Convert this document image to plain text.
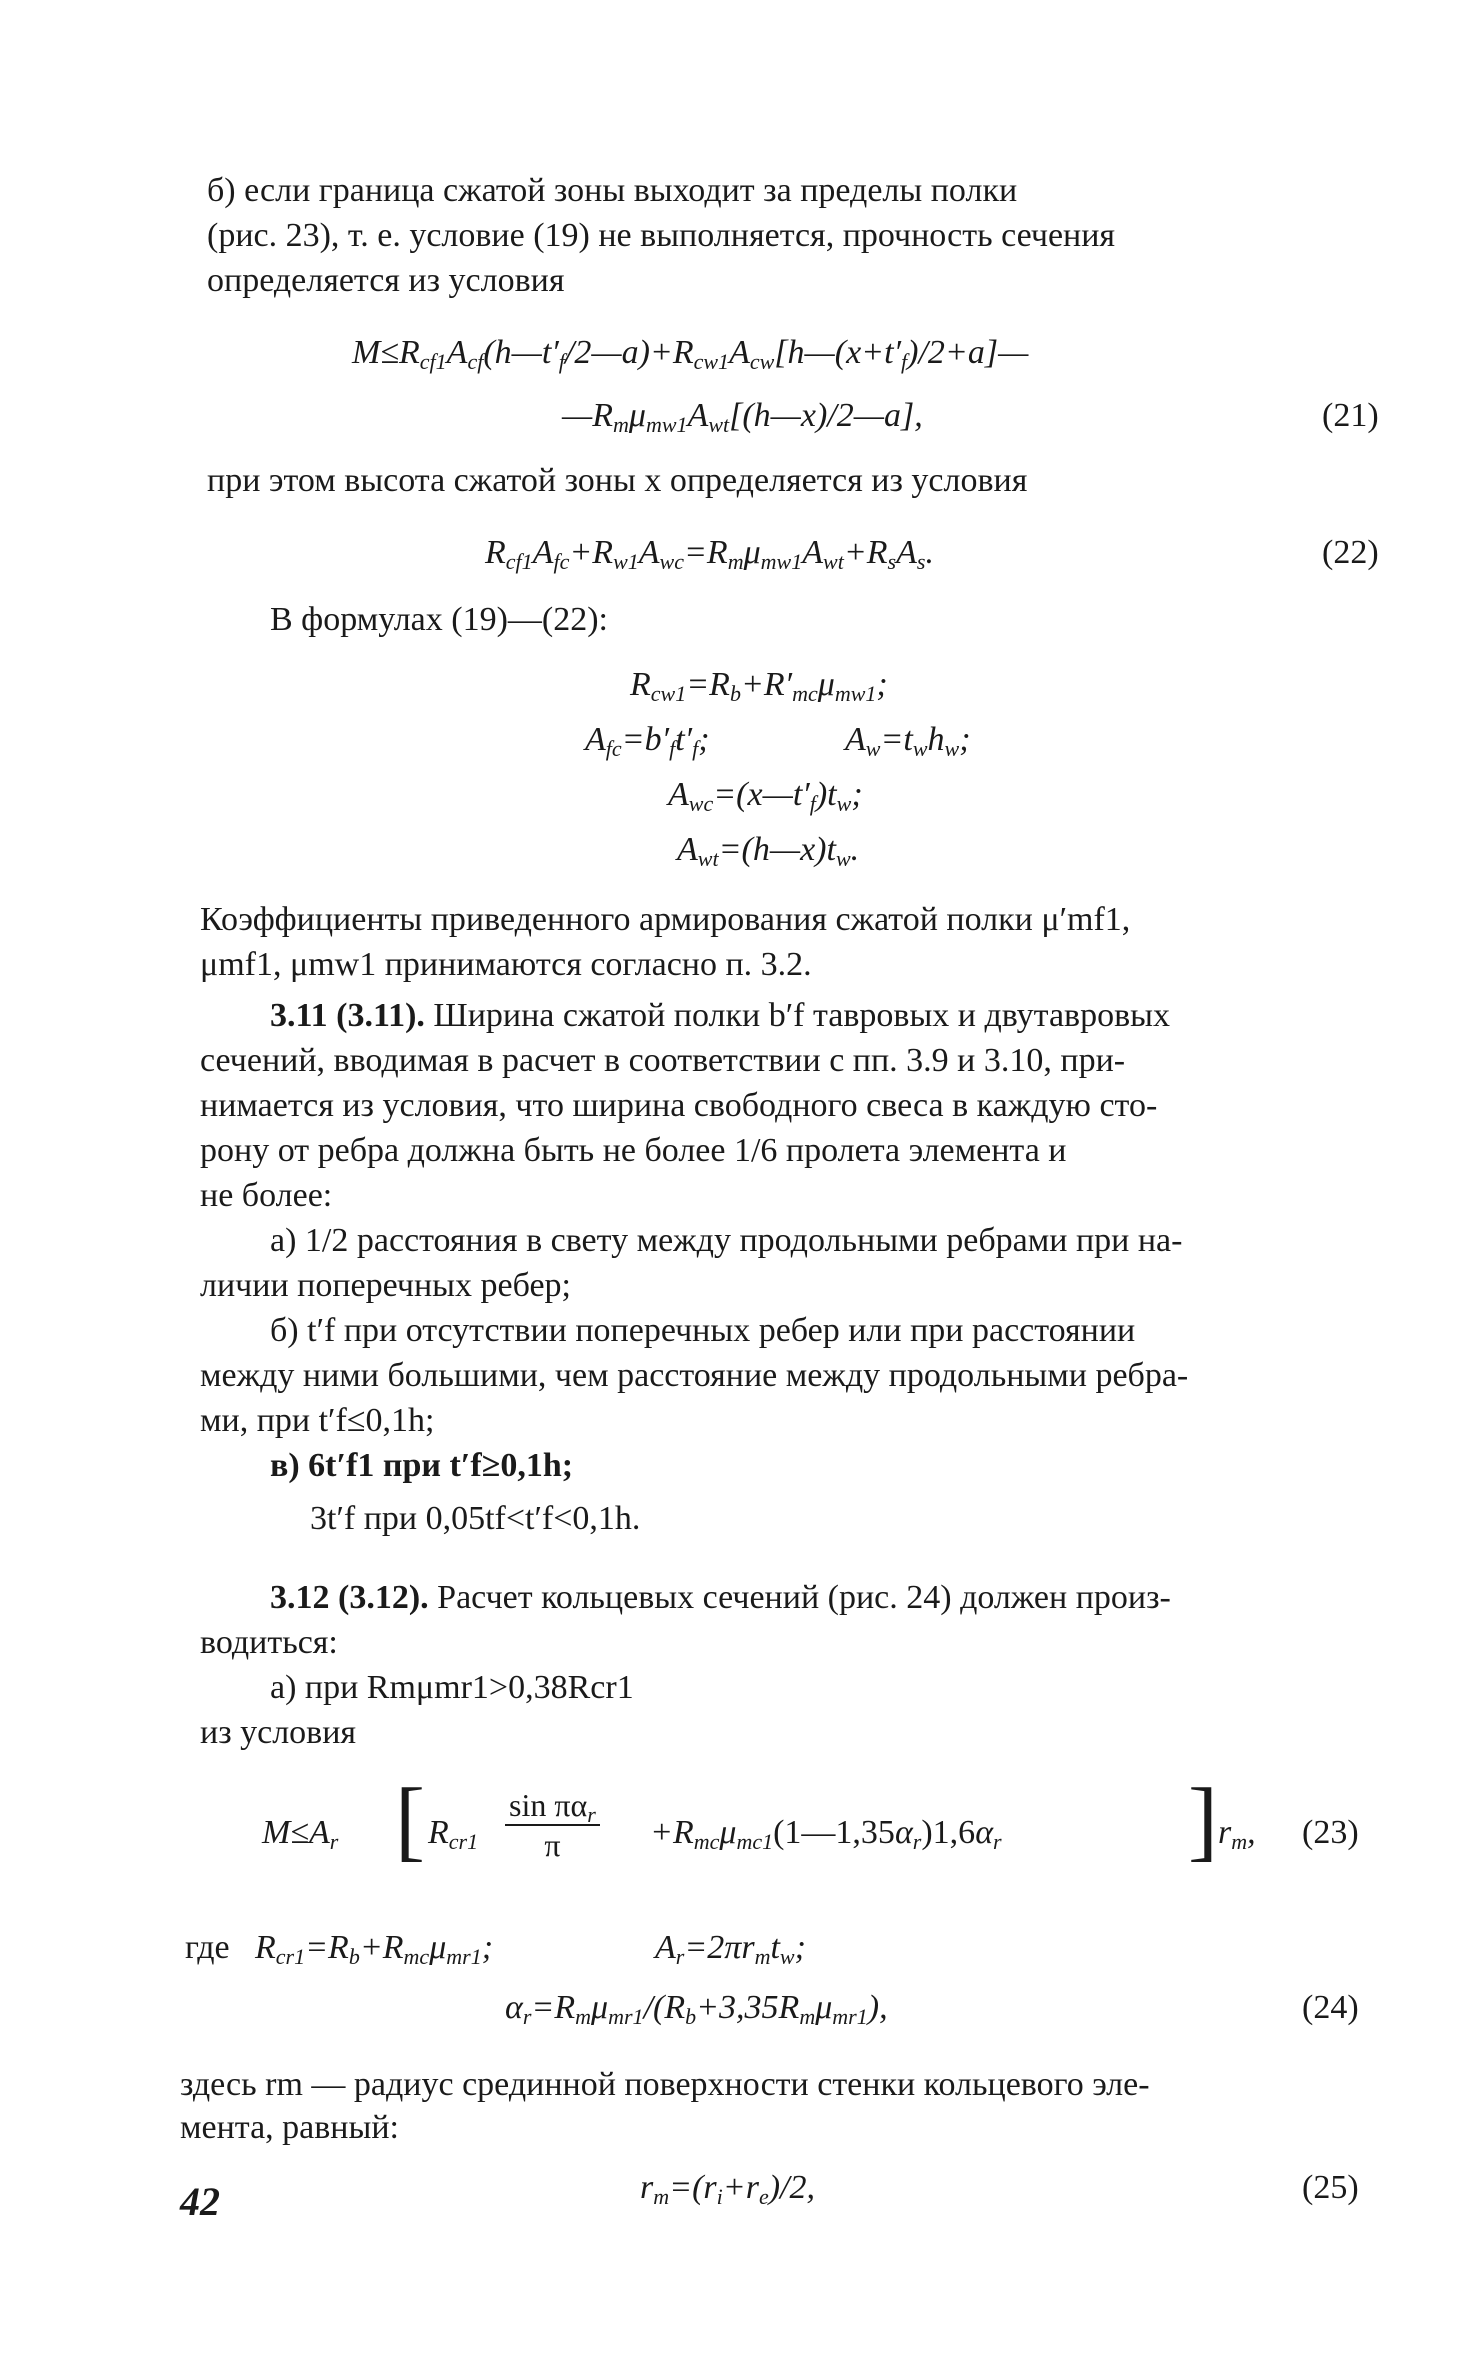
б) если граница сжатой зоны выходит за пределы полки

(рис. 23), т. е. условие (19) не выполняется, прочность сечения

определяется из условия

$M\le R_{cf1}A_{cf}(h—t'_f/2—a)+R_{cw1}A_{cw}[h—(x+t'_f)/2+a]—$
$—R_m\mu_{mw1}A_{wt}[(h—x)/2—a]$,	(21)

при этом высота сжатой зоны x определяется из условия

$R_{cf1}A_{fc}+R_{w1}A_{wc}=R_m\mu_{mw1}A_{wt}+R_sA_s$.	(22)

В формулах (19)—(22):

$R_{cw1}=R_b+R'_{mc}\mu_{mw1}$;
$A_{fc}=b'_ft'_f$;	$A_w=t_wh_w$;
$A_{wc}=(x—t'_f)t_w$;
$A_{wt}=(h—x)t_w$.

Коэффициенты приведенного армирования сжатой полки μ′mf1,

μmf1, μmw1 принимаются согласно п. 3.2.

3.11 (3.11). Ширина сжатой полки b′f тавровых и двутавровых

сечений, вводимая в расчет в соответствии с пп. 3.9 и 3.10, при-

нимается из условия, что ширина свободного свеса в каждую сто-

рону от ребра должна быть не более 1/6 пролета элемента и

не более:

а) 1/2 расстояния в свету между продольными ребрами при на-

личии поперечных ребер;

б) t′f при отсутствии поперечных ребер или при расстоянии

между ними большими, чем расстояние между продольными ребра-

ми, при t′f≤0,1h;

в) 6t′f1 при t′f≥0,1h;

3t′f при 0,05tf<t′f<0,1h.

3.12 (3.12). Расчет кольцевых сечений (рис. 24) должен произ-

водиться:

а) при Rmμmr1>0,38Rcr1

из условия

$M\le A_r$ [ $R_{cr1} \frac{\sin \pi\alpha_r}{\pi}$ $+R_{mc}\mu_{mc1}(1—1,35\alpha_r)1,6\alpha_r$ ] $r_m$, (23)

где $R_{cr1}=R_b+R_{mc}\mu_{mr1}$;	$A_r=2\pi r_mt_w$;
$\alpha_r=R_m\mu_{mr1}/(R_b+3,35R_m\mu_{mr1})$,	(24)

здесь rm — радиус срединной поверхности стенки кольцевого эле-

мента, равный:

$r_m=(r_i+r_e)/2$,	(25)
42
